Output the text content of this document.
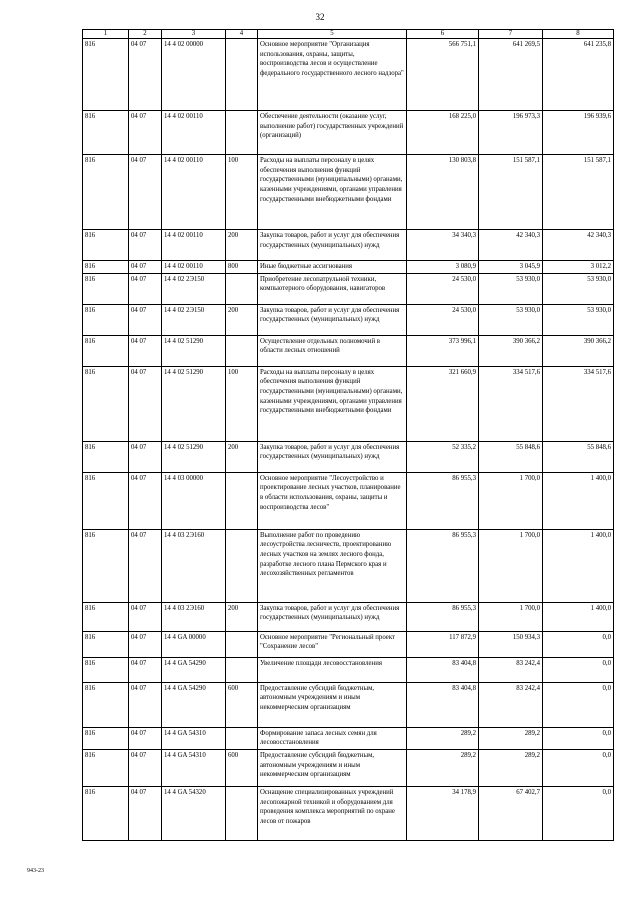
32
1	2	3	4	5	6	7	8
816	04 07	14 4 02 00000		Основное мероприятие "Организация использования, охраны, защиты, воспроизводства лесов и осуществление федерального государственного лесного надзора"	566 751,1	641 269,5	641 235,8
816	04 07	14 4 02 00110		Обеспечение деятельности (оказание услуг, выполнение работ) государственных учреждений (организаций)	168 225,0	196 973,3	196 939,6
816	04 07	14 4 02 00110	100	Расходы на выплаты персоналу в целях обеспечения выполнения функций государственными (муниципальными) органами, казенными учреждениями, органами управления государственными внебюджетными фондами	130 803,8	151 587,1	151 587,1
816	04 07	14 4 02 00110	200	Закупка товаров, работ и услуг для обеспечения государственных (муниципальных) нужд	34 340,3	42 340,3	42 340,3
816	04 07	14 4 02 00110	800	Иные бюджетные ассигнования	3 080,9	3 045,9	3 012,2
816	04 07	14 4 02 2Э150		Приобретение лесопатрульной техники, компьютерного оборудования, навигаторов	24 530,0	53 930,0	53 930,0
816	04 07	14 4 02 2Э150	200	Закупка товаров, работ и услуг для обеспечения государственных (муниципальных) нужд	24 530,0	53 930,0	53 930,0
816	04 07	14 4 02 51290		Осуществление отдельных полномочий в области лесных отношений	373 996,1	390 366,2	390 366,2
816	04 07	14 4 02 51290	100	Расходы на выплаты персоналу в целях обеспечения выполнения функций государственными (муниципальными) органами, казенными учреждениями, органами управления государственными внебюджетными фондами	321 660,9	334 517,6	334 517,6
816	04 07	14 4 02 51290	200	Закупка товаров, работ и услуг для обеспечения государственных (муниципальных) нужд	52 335,2	55 848,6	55 848,6
816	04 07	14 4 03 00000		Основное мероприятие "Лесоустройство и проектирование лесных участков, планирование в области использования, охраны, защиты и воспроизводства лесов"	86 955,3	1 700,0	1 400,0
816	04 07	14 4 03 2Э160		Выполнение работ по проведению лесоустройства лесничеств, проектированию лесных участков на землях лесного фонда, разработке лесного плана Пермского края и лесохозяйственных регламентов	86 955,3	1 700,0	1 400,0
816	04 07	14 4 03 2Э160	200	Закупка товаров, работ и услуг для обеспечения государственных (муниципальных) нужд	86 955,3	1 700,0	1 400,0
816	04 07	14 4 GA 00000		Основное мероприятие "Региональный проект "Сохранение лесов"	117 872,9	150 934,3	0,0
816	04 07	14 4 GA 54290		Увеличение площади лесовосстановления	83 404,8	83 242,4	0,0
816	04 07	14 4 GA 54290	600	Предоставление субсидий бюджетным, автономным учреждениям и иным некоммерческим организациям	83 404,8	83 242,4	0,0
816	04 07	14 4 GA 54310		Формирование запаса лесных семян для лесовосстановления	289,2	289,2	0,0
816	04 07	14 4 GA 54310	600	Предоставление субсидий бюджетным, автономным учреждениям и иным некоммерческим организациям	289,2	289,2	0,0
816	04 07	14 4 GA 54320		Оснащение специализированных учреждений лесопожарной техникой и оборудованием для проведения комплекса мероприятий по охране лесов от пожаров	34 178,9	67 402,7	0,0
943-23
